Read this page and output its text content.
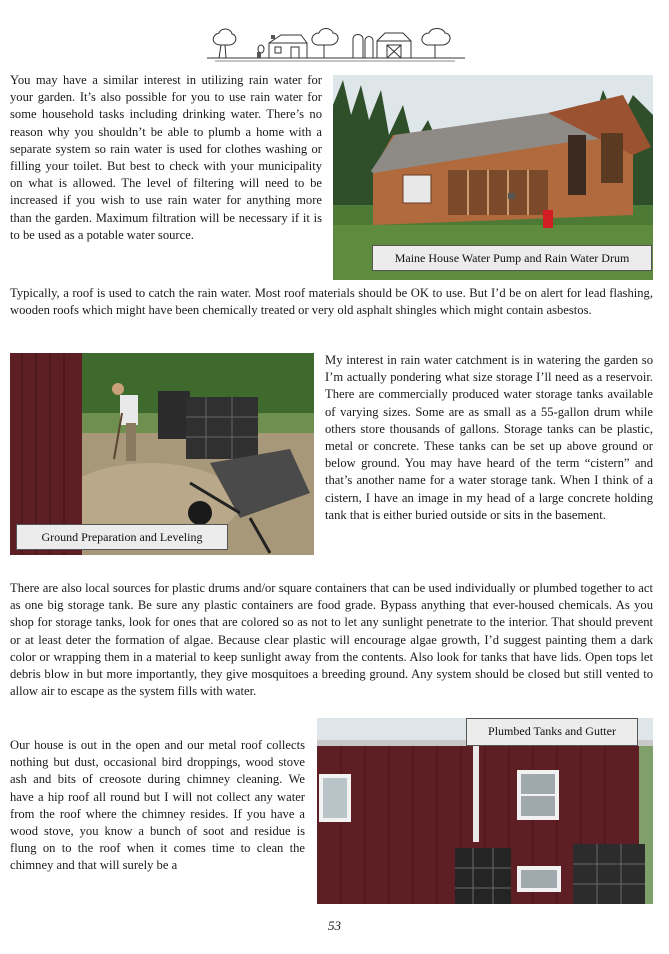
You may have a similar interest in utilizing rain water for your garden. It’s also possible for you to use rain water for some household tasks including drinking water. There’s no reason why you shouldn’t be able to plumb a home with a separate system so rain water is used for clothes washing or filling your toilet. But best to check with your municipality on what is allowed. The level of filtering will need to be increased if you wish to use rain water for anything more than the garden. Maximum filtration will be necessary if it is to be used as a potable water source.

Maine House Water Pump and Rain Water Drum

Typically, a roof is used to catch the rain water. Most roof materials should be OK to use. But I’d be on alert for lead flashing, wooden roofs which might have been chemically treated or very old asphalt shingles which might contain asbestos.

Ground Preparation and Leveling

My interest in rain water catchment is in watering the garden so I’m actually pondering what size storage I’ll need as a reservoir. There are commercially produced water storage tanks available of varying sizes. Some are as small as a 55-gallon drum while others store thousands of gallons. Storage tanks can be plastic, metal or concrete. These tanks can be set up above ground or below ground. You may have heard of the term “cistern” and that’s another name for a water storage tank. When I think of a cistern, I have an image in my head of a large concrete holding tank that is either buried outside or sits in the basement.

There are also local sources for plastic drums and/or square containers that can be used individually or plumbed together to act as one big storage tank. Be sure any plastic containers are food grade. Bypass anything that ever-housed chemicals. As you shop for storage tanks, look for ones that are colored so as not to let any sunlight penetrate to the interior. That should prevent or at least deter the formation of algae. Because clear plastic will encourage algae growth, I’d suggest painting them a dark color or wrapping them in a material to keep sunlight away from the contents. Also look for tanks that have lids. Open tops let debris blow in but more importantly, they give mosquitoes a breeding ground. Any system should be closed but still vented to allow air to escape as the system fills with water.

Plumbed Tanks and Gutter

Our house is out in the open and our metal roof collects nothing but dust, occasional bird droppings, wood stove ash and bits of creosote during chimney cleaning. We have a hip roof all round but I will not collect any water from the roof where the chimney resides. If you have a wood stove, you know a bunch of soot and residue is flung on to the roof when it comes time to clean the chimney and that will surely be a

53
